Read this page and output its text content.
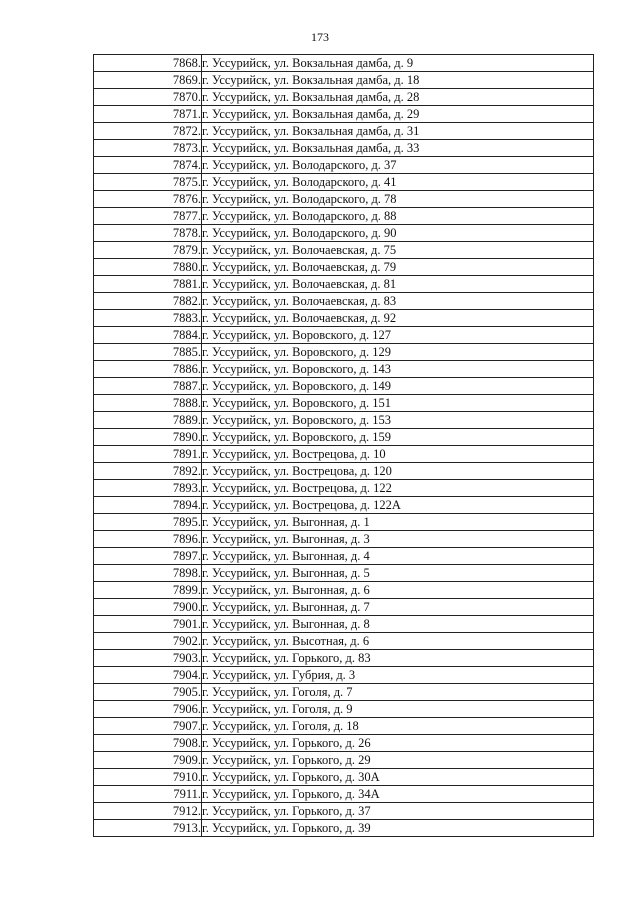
173
7868.	г. Уссурийск, ул. Вокзальная дамба, д. 9
7869.	г. Уссурийск, ул. Вокзальная дамба, д. 18
7870.	г. Уссурийск, ул. Вокзальная дамба, д. 28
7871.	г. Уссурийск, ул. Вокзальная дамба, д. 29
7872.	г. Уссурийск, ул. Вокзальная дамба, д. 31
7873.	г. Уссурийск, ул. Вокзальная дамба, д. 33
7874.	г. Уссурийск, ул. Володарского, д. 37
7875.	г. Уссурийск, ул. Володарского, д. 41
7876.	г. Уссурийск, ул. Володарского, д. 78
7877.	г. Уссурийск, ул. Володарского, д. 88
7878.	г. Уссурийск, ул. Володарского, д. 90
7879.	г. Уссурийск, ул. Волочаевская, д. 75
7880.	г. Уссурийск, ул. Волочаевская, д. 79
7881.	г. Уссурийск, ул. Волочаевская, д. 81
7882.	г. Уссурийск, ул. Волочаевская, д. 83
7883.	г. Уссурийск, ул. Волочаевская, д. 92
7884.	г. Уссурийск, ул. Воровского, д. 127
7885.	г. Уссурийск, ул. Воровского, д. 129
7886.	г. Уссурийск, ул. Воровского, д. 143
7887.	г. Уссурийск, ул. Воровского, д. 149
7888.	г. Уссурийск, ул. Воровского, д. 151
7889.	г. Уссурийск, ул. Воровского, д. 153
7890.	г. Уссурийск, ул. Воровского, д. 159
7891.	г. Уссурийск, ул. Вострецова, д. 10
7892.	г. Уссурийск, ул. Вострецова, д. 120
7893.	г. Уссурийск, ул. Вострецова, д. 122
7894.	г. Уссурийск, ул. Вострецова, д. 122А
7895.	г. Уссурийск, ул. Выгонная, д. 1
7896.	г. Уссурийск, ул. Выгонная, д. 3
7897.	г. Уссурийск, ул. Выгонная, д. 4
7898.	г. Уссурийск, ул. Выгонная, д. 5
7899.	г. Уссурийск, ул. Выгонная, д. 6
7900.	г. Уссурийск, ул. Выгонная, д. 7
7901.	г. Уссурийск, ул. Выгонная, д. 8
7902.	г. Уссурийск, ул. Высотная, д. 6
7903.	г. Уссурийск, ул. Горького, д. 83
7904.	г. Уссурийск, ул. Губрия, д. 3
7905.	г. Уссурийск, ул. Гоголя, д. 7
7906.	г. Уссурийск, ул. Гоголя, д. 9
7907.	г. Уссурийск, ул. Гоголя, д. 18
7908.	г. Уссурийск, ул. Горького, д. 26
7909.	г. Уссурийск, ул. Горького, д. 29
7910.	г. Уссурийск, ул. Горького, д. 30А
7911.	г. Уссурийск, ул. Горького, д. 34А
7912.	г. Уссурийск, ул. Горького, д. 37
7913.	г. Уссурийск, ул. Горького, д. 39
